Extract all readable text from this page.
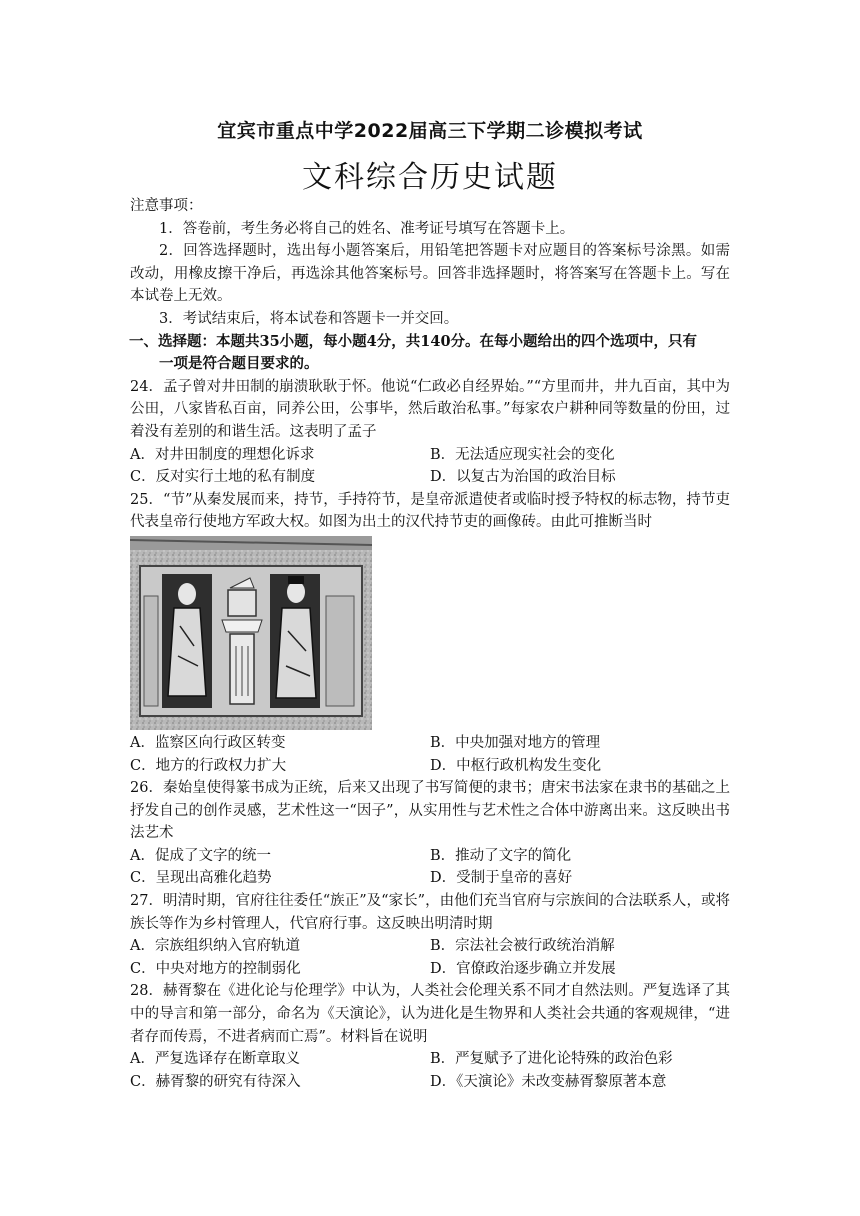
宜宾市重点中学2022届高三下学期二诊模拟考试
文科综合历史试题
注意事项：
1．答卷前，考生务必将自己的姓名、准考证号填写在答题卡上。
2．回答选择题时，选出每小题答案后，用铅笔把答题卡对应题目的答案标号涂黑。如需改动，用橡皮擦干净后，再选涂其他答案标号。回答非选择题时，将答案写在答题卡上。写在本试卷上无效。
3．考试结束后，将本试卷和答题卡一并交回。
一、选择题：本题共35小题，每小题4分，共140分。在每小题给出的四个选项中，只有
一项是符合题目要求的。
24．孟子曾对井田制的崩溃耿耿于怀。他说“仁政必自经界始。”“方里而井，井九百亩，其中为公田，八家皆私百亩，同养公田，公事毕，然后敢治私事。”每家农户耕种同等数量的份田，过着没有差别的和谐生活。这表明了孟子
A．对井田制度的理想化诉求	B．无法适应现实社会的变化
C．反对实行土地的私有制度	D．以复古为治国的政治目标
25．“节”从秦发展而来，持节，手持符节，是皇帝派遣使者或临时授予特权的标志物，持节吏代表皇帝行使地方军政大权。如图为出土的汉代持节吏的画像砖。由此可推断当时
A．监察区向行政区转变	B．中央加强对地方的管理
C．地方的行政权力扩大	D．中枢行政机构发生变化
26．秦始皇使得篆书成为正统，后来又出现了书写简便的隶书；唐宋书法家在隶书的基础之上抒发自己的创作灵感，艺术性这一“因子”，从实用性与艺术性之合体中游离出来。这反映出书法艺术
A．促成了文字的统一	B．推动了文字的简化
C．呈现出高雅化趋势	D．受制于皇帝的喜好
27．明清时期，官府往往委任“族正”及“家长”，由他们充当官府与宗族间的合法联系人，或将族长等作为乡村管理人，代官府行事。这反映出明清时期
A．宗族组织纳入官府轨道	B．宗法社会被行政统治消解
C．中央对地方的控制弱化	D．官僚政治逐步确立并发展
28．赫胥黎在《进化论与伦理学》中认为，人类社会伦理关系不同才自然法则。严复选译了其中的导言和第一部分，命名为《天演论》，认为进化是生物界和人类社会共通的客观规律，“进者存而传焉，不进者病而亡焉”。材料旨在说明
A．严复选译存在断章取义	B．严复赋予了进化论特殊的政治色彩
C．赫胥黎的研究有待深入	D．《天演论》未改变赫胥黎原著本意
